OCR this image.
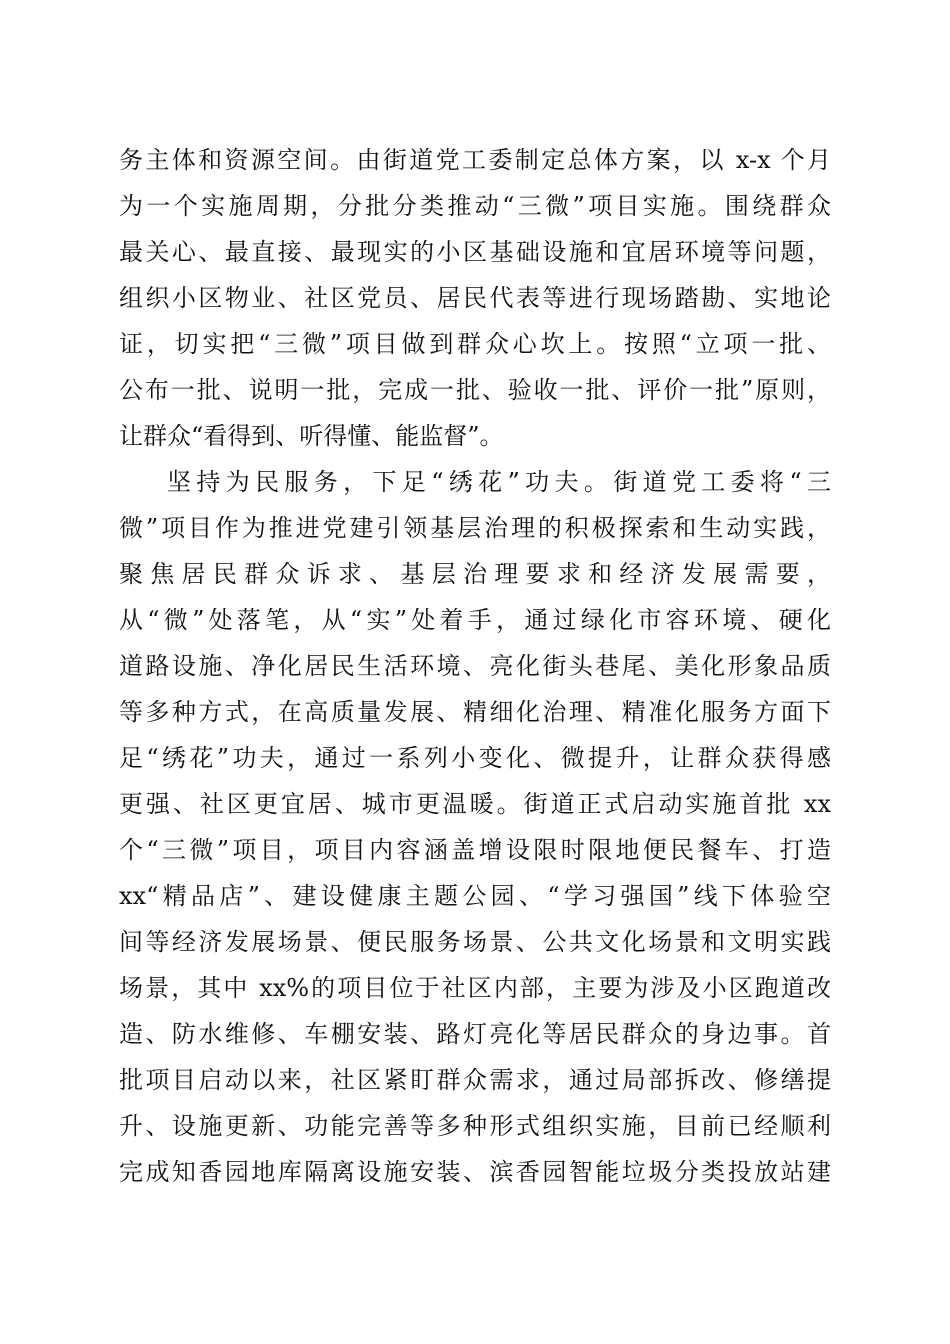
务主体和资源空间。由街道党工委制定总体方案，以 x-x 个月
为一个实施周期，分批分类推动“三微”项目实施。围绕群众
最关心、最直接、最现实的小区基础设施和宜居环境等问题，
组织小区物业、社区党员、居民代表等进行现场踏勘、实地论
证，切实把“三微”项目做到群众心坎上。按照“立项一批、
公布一批、说明一批，完成一批、验收一批、评价一批”原则，
让群众“看得到、听得懂、能监督”。
坚持为民服务，下足“绣花”功夫。街道党工委将“三
微”项目作为推进党建引领基层治理的积极探索和生动实践，
聚焦居民群众诉求、基层治理要求和经济发展需要，
从“微”处落笔，从“实”处着手，通过绿化市容环境、硬化
道路设施、净化居民生活环境、亮化街头巷尾、美化形象品质
等多种方式，在高质量发展、精细化治理、精准化服务方面下
足“绣花”功夫，通过一系列小变化、微提升，让群众获得感
更强、社区更宜居、城市更温暖。街道正式启动实施首批 xx
个“三微”项目，项目内容涵盖增设限时限地便民餐车、打造
xx“精品店”、建设健康主题公园、“学习强国”线下体验空
间等经济发展场景、便民服务场景、公共文化场景和文明实践
场景，其中 xx%的项目位于社区内部，主要为涉及小区跑道改
造、防水维修、车棚安装、路灯亮化等居民群众的身边事。首
批项目启动以来，社区紧盯群众需求，通过局部拆改、修缮提
升、设施更新、功能完善等多种形式组织实施，目前已经顺利
完成知香园地库隔离设施安装、滨香园智能垃圾分类投放站建
